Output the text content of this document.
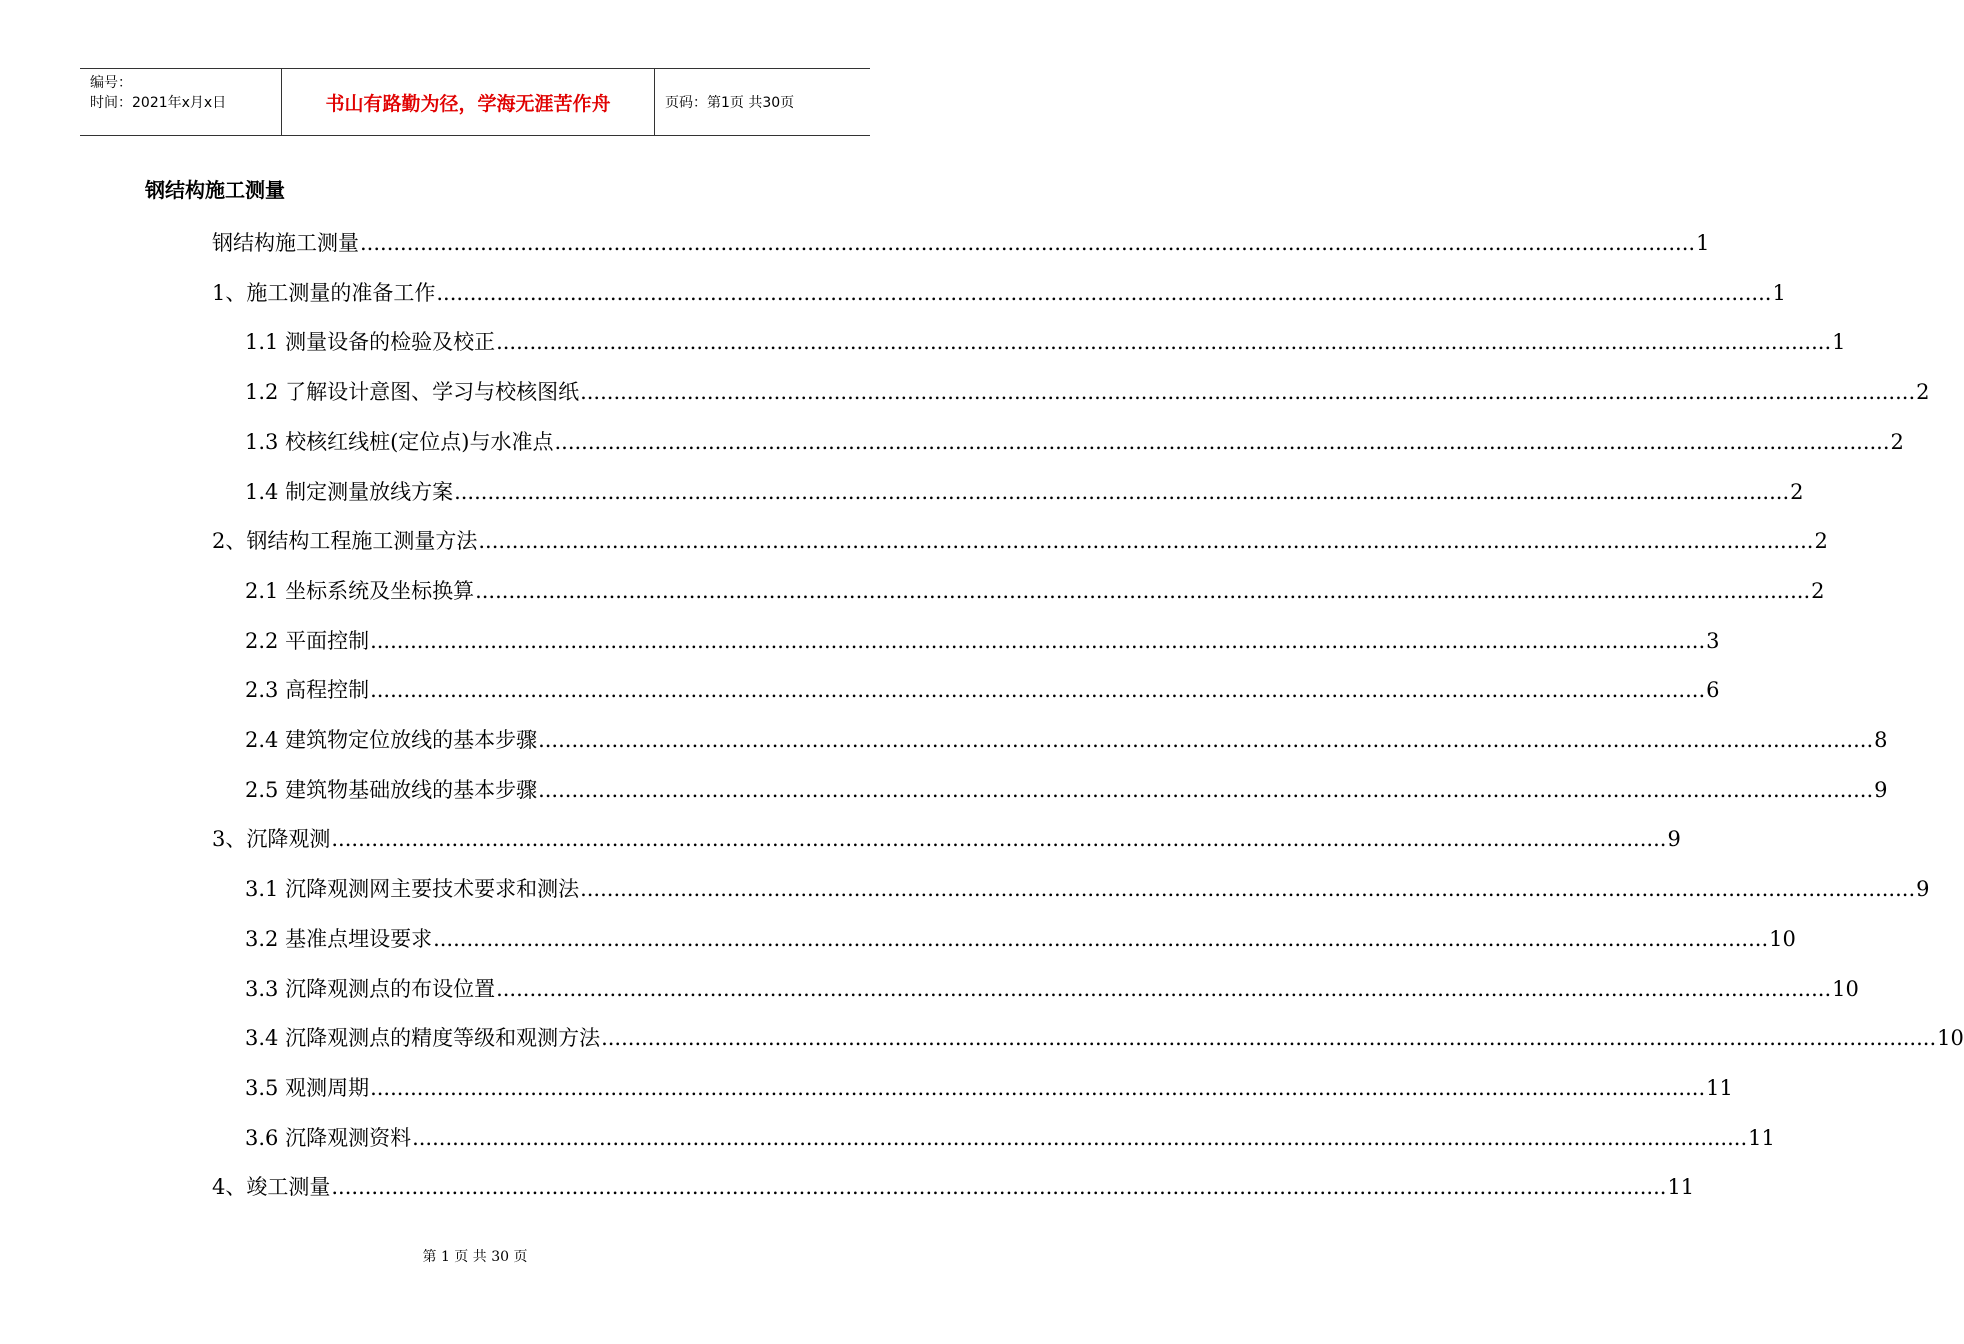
编号：
时间：2021年x月x日	书山有路勤为径，学海无涯苦作舟	页码：第1页 共30页
钢结构施工测量
钢结构施工测量 ........................................................................................................................................................................................................ 1
1、施工测量的准备工作 ........................................................................................................................................................................................................ 1
1.1 测量设备的检验及校正 ........................................................................................................................................................................................................ 1
1.2 了解设计意图、学习与校核图纸 ........................................................................................................................................................................................................ 2
1.3 校核红线桩(定位点)与水准点 ........................................................................................................................................................................................................ 2
1.4 制定测量放线方案 ........................................................................................................................................................................................................ 2
2、钢结构工程施工测量方法 ........................................................................................................................................................................................................ 2
2.1 坐标系统及坐标换算 ........................................................................................................................................................................................................ 2
2.2 平面控制 ........................................................................................................................................................................................................ 3
2.3 高程控制 ........................................................................................................................................................................................................ 6
2.4 建筑物定位放线的基本步骤 ........................................................................................................................................................................................................ 8
2.5 建筑物基础放线的基本步骤 ........................................................................................................................................................................................................ 9
3、沉降观测 ........................................................................................................................................................................................................ 9
3.1 沉降观测网主要技术要求和测法 ........................................................................................................................................................................................................ 9
3.2 基准点埋设要求 ........................................................................................................................................................................................................ 10
3.3 沉降观测点的布设位置 ........................................................................................................................................................................................................ 10
3.4 沉降观测点的精度等级和观测方法 ........................................................................................................................................................................................................ 10
3.5 观测周期 ........................................................................................................................................................................................................ 11
3.6 沉降观测资料 ........................................................................................................................................................................................................ 11
4、竣工测量 ........................................................................................................................................................................................................ 11
第 1 页 共 30 页
